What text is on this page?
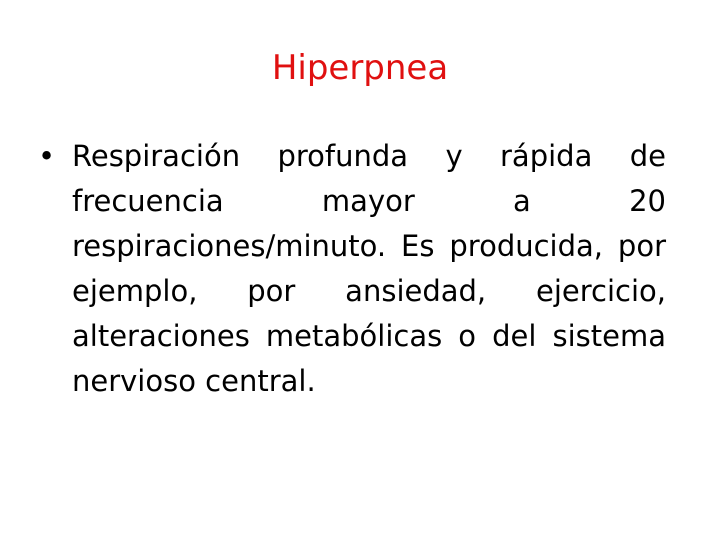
Hiperpnea
• Respiración profunda y rápida de frecuencia mayor a 20 respiraciones/minuto. Es producida, por ejemplo, por ansiedad, ejercicio, alteraciones metabólicas o del sistema nervioso central.
